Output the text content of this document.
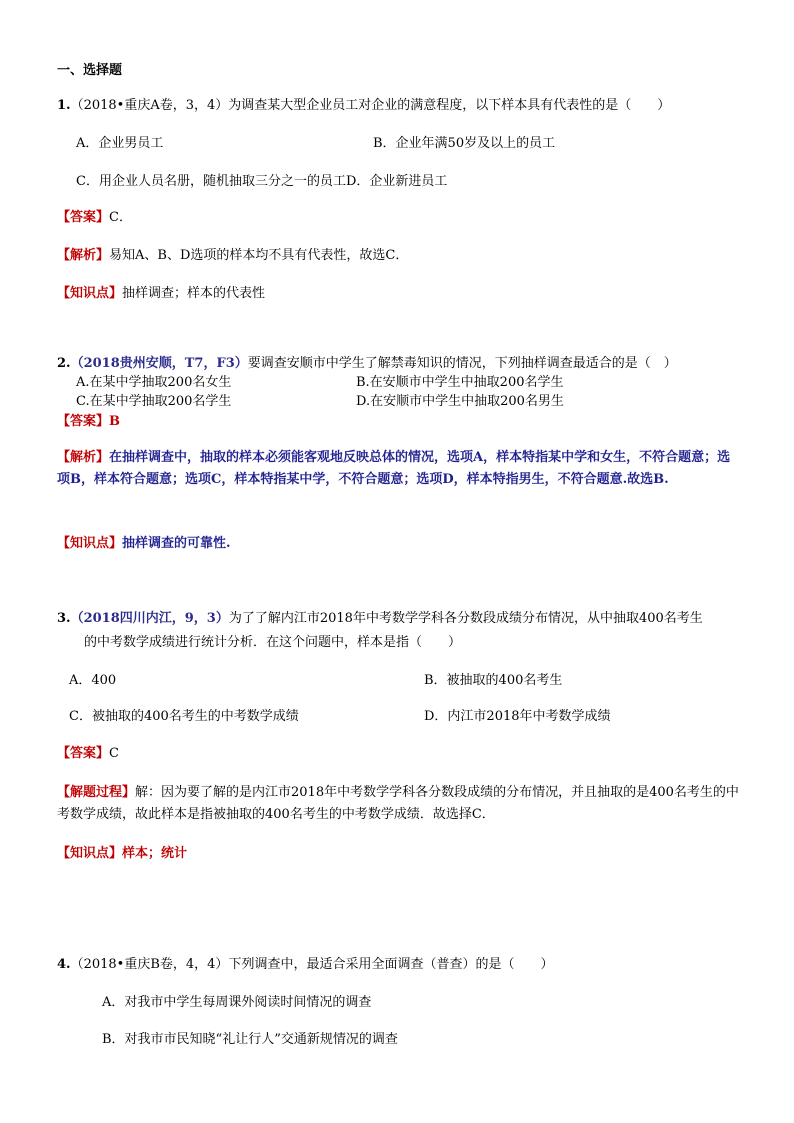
一、选择题
1.（2018•重庆A卷，3，4）为调查某大型企业员工对企业的满意程度，以下样本具有代表性的是（　　）
A．企业男员工	B．企业年满50岁及以上的员工
C．用企业人员名册，随机抽取三分之一的员工D．企业新进员工
【答案】C．
【解析】易知A、B、D选项的样本均不具有代表性，故选C．
【知识点】抽样调查；样本的代表性
2.（2018贵州安顺，T7，F3）要调查安顺市中学生了解禁毒知识的情况，下列抽样调查最适合的是（　）
A.在某中学抽取200名女生	B.在安顺市中学生中抽取200名学生
C.在某中学抽取200名学生	D.在安顺市中学生中抽取200名男生
【答案】B
【解析】在抽样调查中，抽取的样本必须能客观地反映总体的情况，选项A，样本特指某中学和女生，不符合题意；选项B，样本符合题意；选项C，样本特指某中学，不符合题意；选项D，样本特指男生，不符合题意.故选B.
【知识点】抽样调查的可靠性.
3.（2018四川内江，9，3）为了了解内江市2018年中考数学学科各分数段成绩分布情况，从中抽取400名考生
的中考数学成绩进行统计分析．在这个问题中，样本是指（　　）
A．400	B．被抽取的400名考生
C．被抽取的400名考生的中考数学成绩	D．内江市2018年中考数学成绩
【答案】C
【解题过程】解：因为要了解的是内江市2018年中考数学学科各分数段成绩的分布情况，并且抽取的是400名考生的中考数学成绩，故此样本是指被抽取的400名考生的中考数学成绩．故选择C．
【知识点】样本；统计
4.（2018•重庆B卷，4，4）下列调查中，最适合采用全面调查（普查）的是（　　）
A．对我市中学生每周课外阅读时间情况的调查
B．对我市市民知晓“礼让行人”交通新规情况的调查
